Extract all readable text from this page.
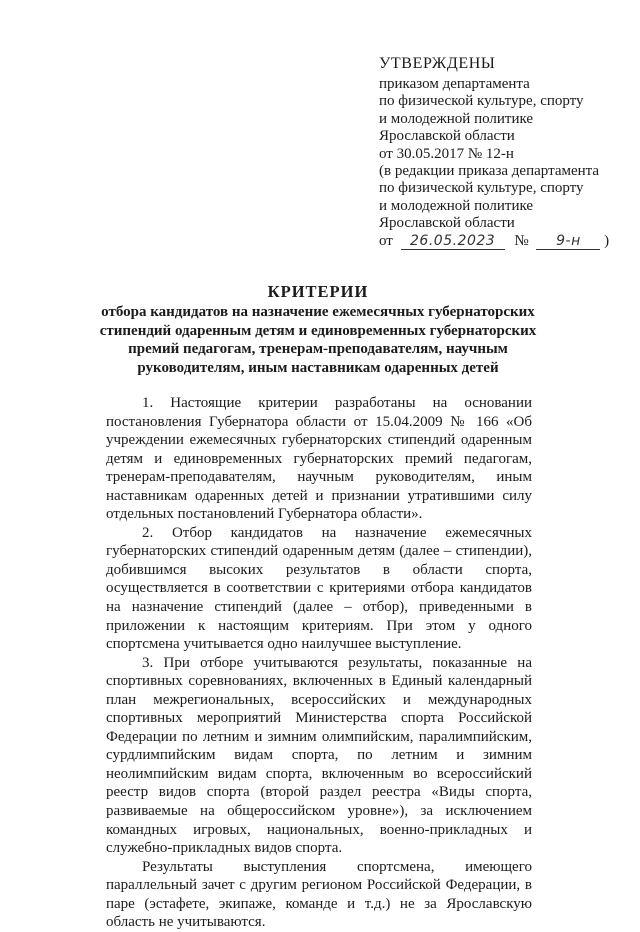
УТВЕРЖДЕНЫ
приказом департамента
по физической культуре, спорту
и молодежной политике
Ярославской области
от 30.05.2017 № 12-н
(в редакции приказа департамента
по физической культуре, спорту
и молодежной политике
Ярославской области
от 26.05.2023 № 9-н )
КРИТЕРИИ
отбора кандидатов на назначение ежемесячных губернаторских стипендий одаренным детям и единовременных губернаторских премий педагогам, тренерам-преподавателям, научным руководителям, иным наставникам одаренных детей

1. Настоящие критерии разработаны на основании постановления Губернатора области от 15.04.2009 № 166 «Об учреждении ежемесячных губернаторских стипендий одаренным детям и единовременных губернаторских премий педагогам, тренерам-преподавателям, научным руководителям, иным наставникам одаренных детей и признании утратившими силу отдельных постановлений Губернатора области».

2. Отбор кандидатов на назначение ежемесячных губернаторских стипендий одаренным детям (далее – стипендии), добившимся высоких результатов в области спорта, осуществляется в соответствии с критериями отбора кандидатов на назначение стипендий (далее – отбор), приведенными в приложении к настоящим критериям. При этом у одного спортсмена учитывается одно наилучшее выступление.

3. При отборе учитываются результаты, показанные на спортивных соревнованиях, включенных в Единый календарный план межрегиональных, всероссийских и международных спортивных мероприятий Министерства спорта Российской Федерации по летним и зимним олимпийским, паралимпийским, сурдлимпийским видам спорта, по летним и зимним неолимпийским видам спорта, включенным во всероссийский реестр видов спорта (второй раздел реестра «Виды спорта, развиваемые на общероссийском уровне»), за исключением командных игровых, национальных, военно-прикладных и служебно-прикладных видов спорта.

Результаты выступления спортсмена, имеющего параллельный зачет с другим регионом Российской Федерации, в паре (эстафете, экипаже, команде и т.д.) не за Ярославскую область не учитываются.
